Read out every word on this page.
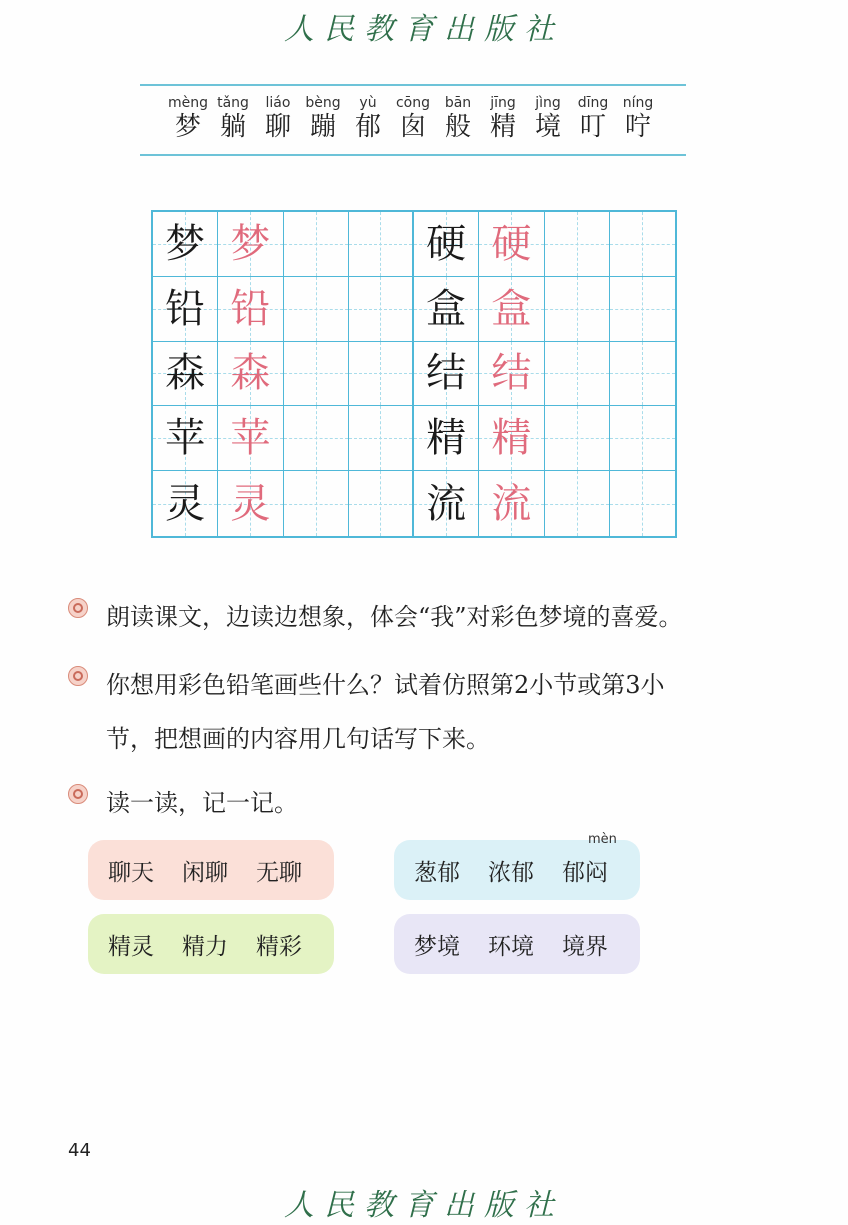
人民教育出版社
mèng
梦
tǎng
躺
liáo
聊
bèng
蹦
yù
郁
cōng
囱
bān
般
jīng
精
jìng
境
dīng
叮
níng
咛
梦 梦	硬 硬
铅 铅	盒 盒
森 森	结 结
苹 苹	精 精
灵 灵	流 流
朗读课文，边读边想象，体会“我”对彩色梦境的喜爱。
你想用彩色铅笔画些什么？试着仿照第2小节或第3小
节，把想画的内容用几句话写下来。
读一读，记一记。
聊天 闲聊 无聊	葱郁 浓郁
mèn
郁闷
精灵 精力 精彩	梦境 环境 境界
44
人民教育出版社
